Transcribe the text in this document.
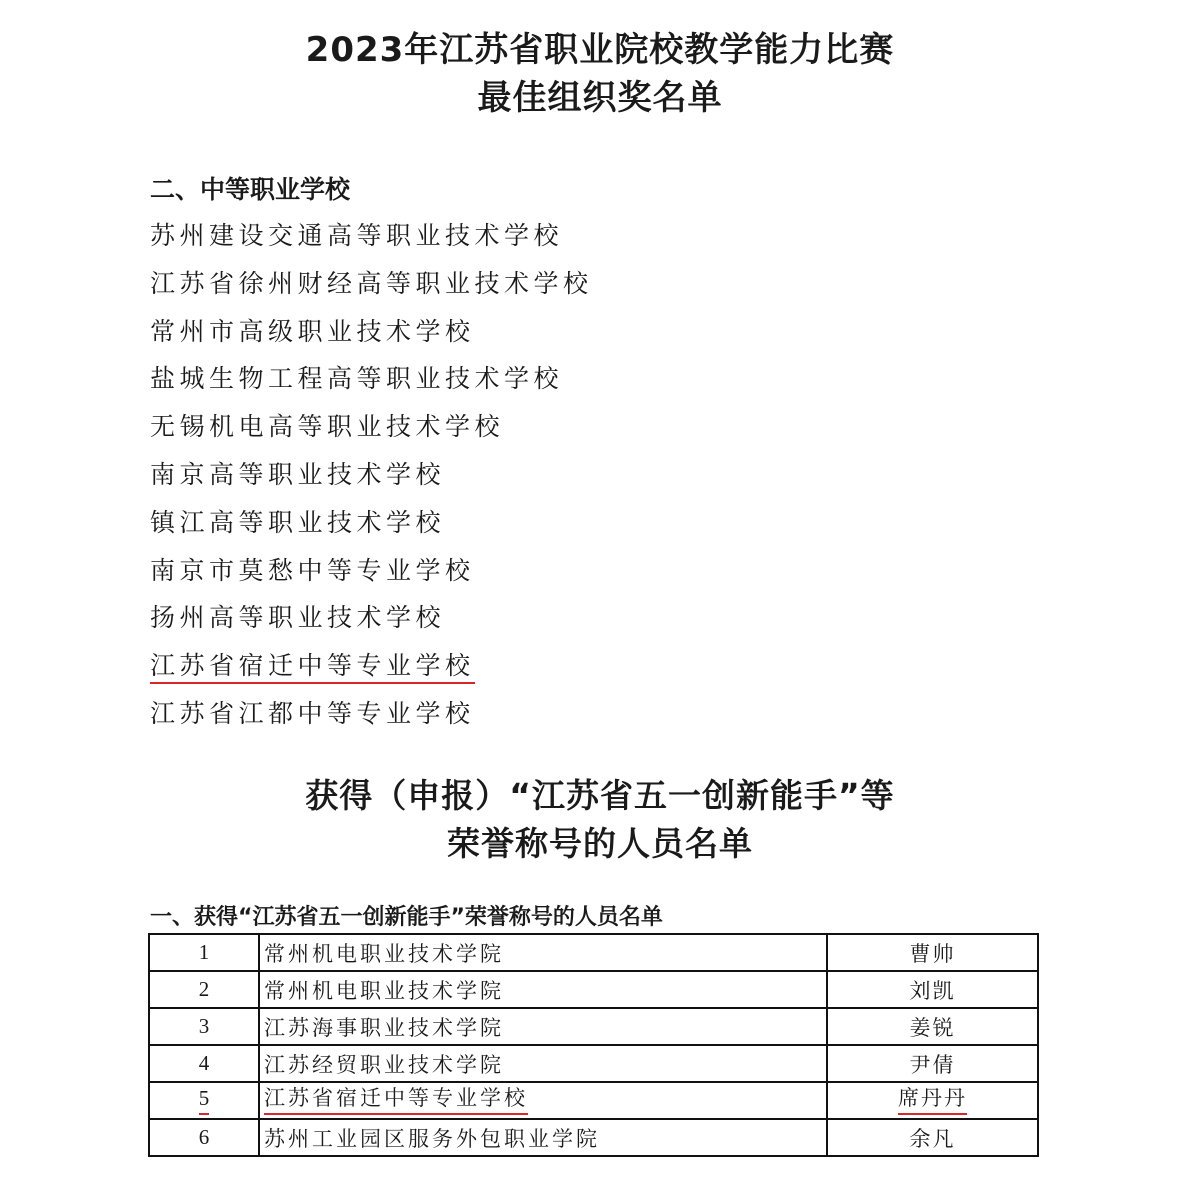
2023年江苏省职业院校教学能力比赛
最佳组织奖名单
二、中等职业学校
苏州建设交通高等职业技术学校
江苏省徐州财经高等职业技术学校
常州市高级职业技术学校
盐城生物工程高等职业技术学校
无锡机电高等职业技术学校
南京高等职业技术学校
镇江高等职业技术学校
南京市莫愁中等专业学校
扬州高等职业技术学校
江苏省宿迁中等专业学校
江苏省江都中等专业学校
获得（申报）“江苏省五一创新能手”等
荣誉称号的人员名单
一、获得“江苏省五一创新能手”荣誉称号的人员名单
1	常州机电职业技术学院	曹帅
2	常州机电职业技术学院	刘凯
3	江苏海事职业技术学院	姜锐
4	江苏经贸职业技术学院	尹倩
5	江苏省宿迁中等专业学校	席丹丹
6	苏州工业园区服务外包职业学院	余凡
